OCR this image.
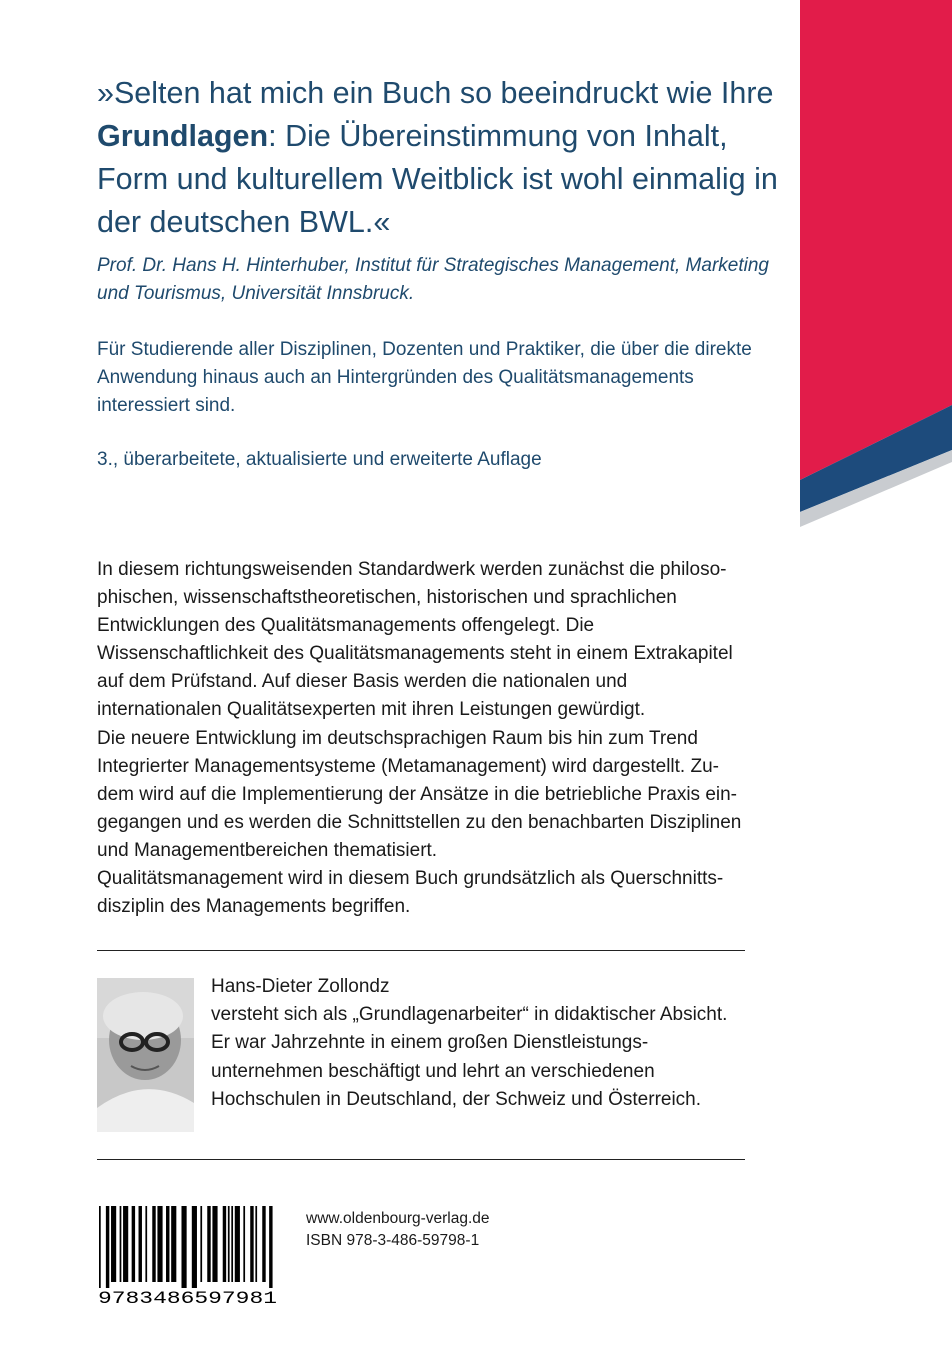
»Selten hat mich ein Buch so beeindruckt wie Ihre Grundlagen: Die Übereinstimmung von Inhalt, Form und kulturellem Weitblick ist wohl einmalig in der deutschen BWL.«
Prof. Dr. Hans H. Hinterhuber, Institut für Strategisches Management, Marketing und Tourismus, Universität Innsbruck.
Für Studierende aller Disziplinen, Dozenten und Praktiker, die über die direkte Anwendung hinaus auch an Hintergründen des Qualitätsmanagements interessiert sind.
3., überarbeitete, aktualisierte und erweiterte Auflage

In diesem richtungsweisenden Standardwerk werden zunächst die philosophischen, wissenschaftstheoretischen, historischen und sprachlichen Entwicklungen des Qualitätsmanagements offengelegt. Die Wissenschaftlichkeit des Qualitätsmanagements steht in einem Extrakapitel auf dem Prüfstand. Auf dieser Basis werden die nationalen und internationalen Qualitätsexperten mit ihren Leistungen gewürdigt.

Die neuere Entwicklung im deutschsprachigen Raum bis hin zum Trend Integrierter Managementsysteme (Metamanagement) wird dargestellt. Zudem wird auf die Implementierung der Ansätze in die betriebliche Praxis eingegangen und es werden die Schnittstellen zu den benachbarten Disziplinen und Managementbereichen thematisiert.

Qualitätsmanagement wird in diesem Buch grundsätzlich als Querschnittsdisziplin des Managements begriffen.

Hans-Dieter Zollondz
versteht sich als „Grundlagenarbeiter“ in didaktischer Absicht. Er war Jahrzehnte in einem großen Dienstleistungsunternehmen beschäftigt und lehrt an verschiedenen Hochschulen in Deutschland, der Schweiz und Österreich.
9783486597981
www.oldenbourg-verlag.de
ISBN 978-3-486-59798-1
